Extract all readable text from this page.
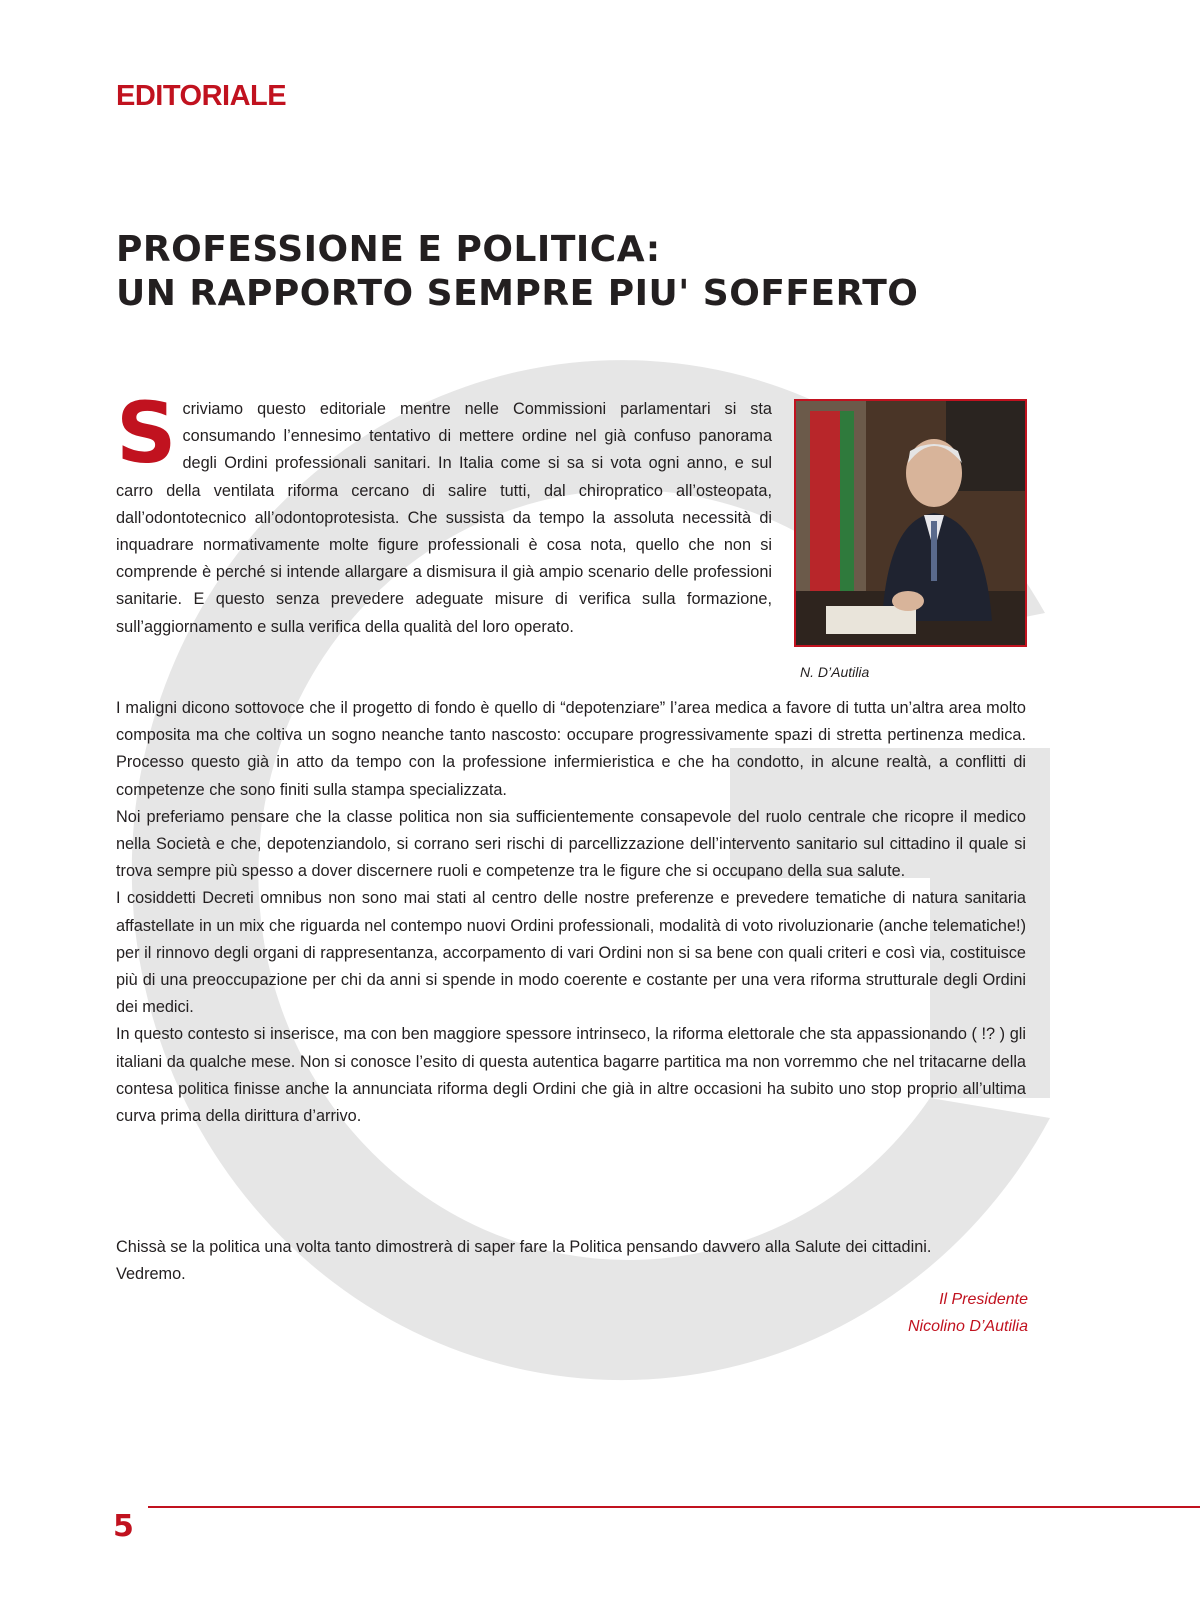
EDITORIALE
PROFESSIONE E POLITICA:
UN RAPPORTO SEMPRE PIU' SOFFERTO

N. D’Autilia

Scriviamo questo editoriale mentre nelle Commissioni parlamentari si sta consumando l’ennesimo tentativo di mettere ordine nel già confuso panorama degli Ordini professionali sanitari. In Italia come si sa si vota ogni anno, e sul carro della ventilata riforma cercano di salire tutti, dal chiropratico all’osteopata, dall’odontotecnico all’odontoprotesista. Che sussista da tempo la assoluta necessità di inquadrare normativamente molte figure professionali è cosa nota, quello che non si comprende è perché si intende allargare a dismisura il già ampio scenario delle professioni sanitarie. E questo senza prevedere adeguate misure di verifica sulla formazione, sull’aggiornamento e sulla verifica della qualità del loro operato.

I maligni dicono sottovoce che il progetto di fondo è quello di “depotenziare” l’area medica a favore di tutta un’altra area molto composita ma che coltiva un sogno neanche tanto nascosto: occupare progressivamente spazi di stretta pertinenza medica. Processo questo già in atto da tempo con la professione infermieristica e che ha condotto, in alcune realtà, a conflitti di competenze che sono finiti sulla stampa specializzata.

Noi preferiamo pensare che la classe politica non sia sufficientemente consapevole del ruolo centrale che ricopre il medico nella Società e che, depotenziandolo, si corrano seri rischi di parcellizzazione dell’intervento sanitario sul cittadino il quale si trova sempre più spesso a dover discernere ruoli e competenze tra le figure che si occupano della sua salute.

I cosiddetti Decreti omnibus non sono mai stati al centro delle nostre preferenze e prevedere tematiche di natura sanitaria affastellate in un mix che riguarda nel contempo nuovi Ordini professionali, modalità di voto rivoluzionarie (anche telematiche!) per il rinnovo degli organi di rappresentanza, accorpamento di vari Ordini non si sa bene con quali criteri e così via, costituisce più di una preoccupazione per chi da anni si spende in modo coerente e costante per una vera riforma strutturale degli Ordini dei medici.

In questo contesto si inserisce, ma con ben maggiore spessore intrinseco, la riforma elettorale che sta appassionando ( !? ) gli italiani da qualche mese. Non si conosce l’esito di questa autentica bagarre partitica ma non vorremmo che nel tritacarne della contesa politica finisse anche la annunciata riforma degli Ordini che già in altre occasioni ha subito uno stop proprio all’ultima curva prima della dirittura d’arrivo.

Chissà se la politica una volta tanto dimostrerà di saper fare la Politica pensando davvero alla Salute dei cittadini.

Vedremo.

Il Presidente
Nicolino D’Autilia

5
